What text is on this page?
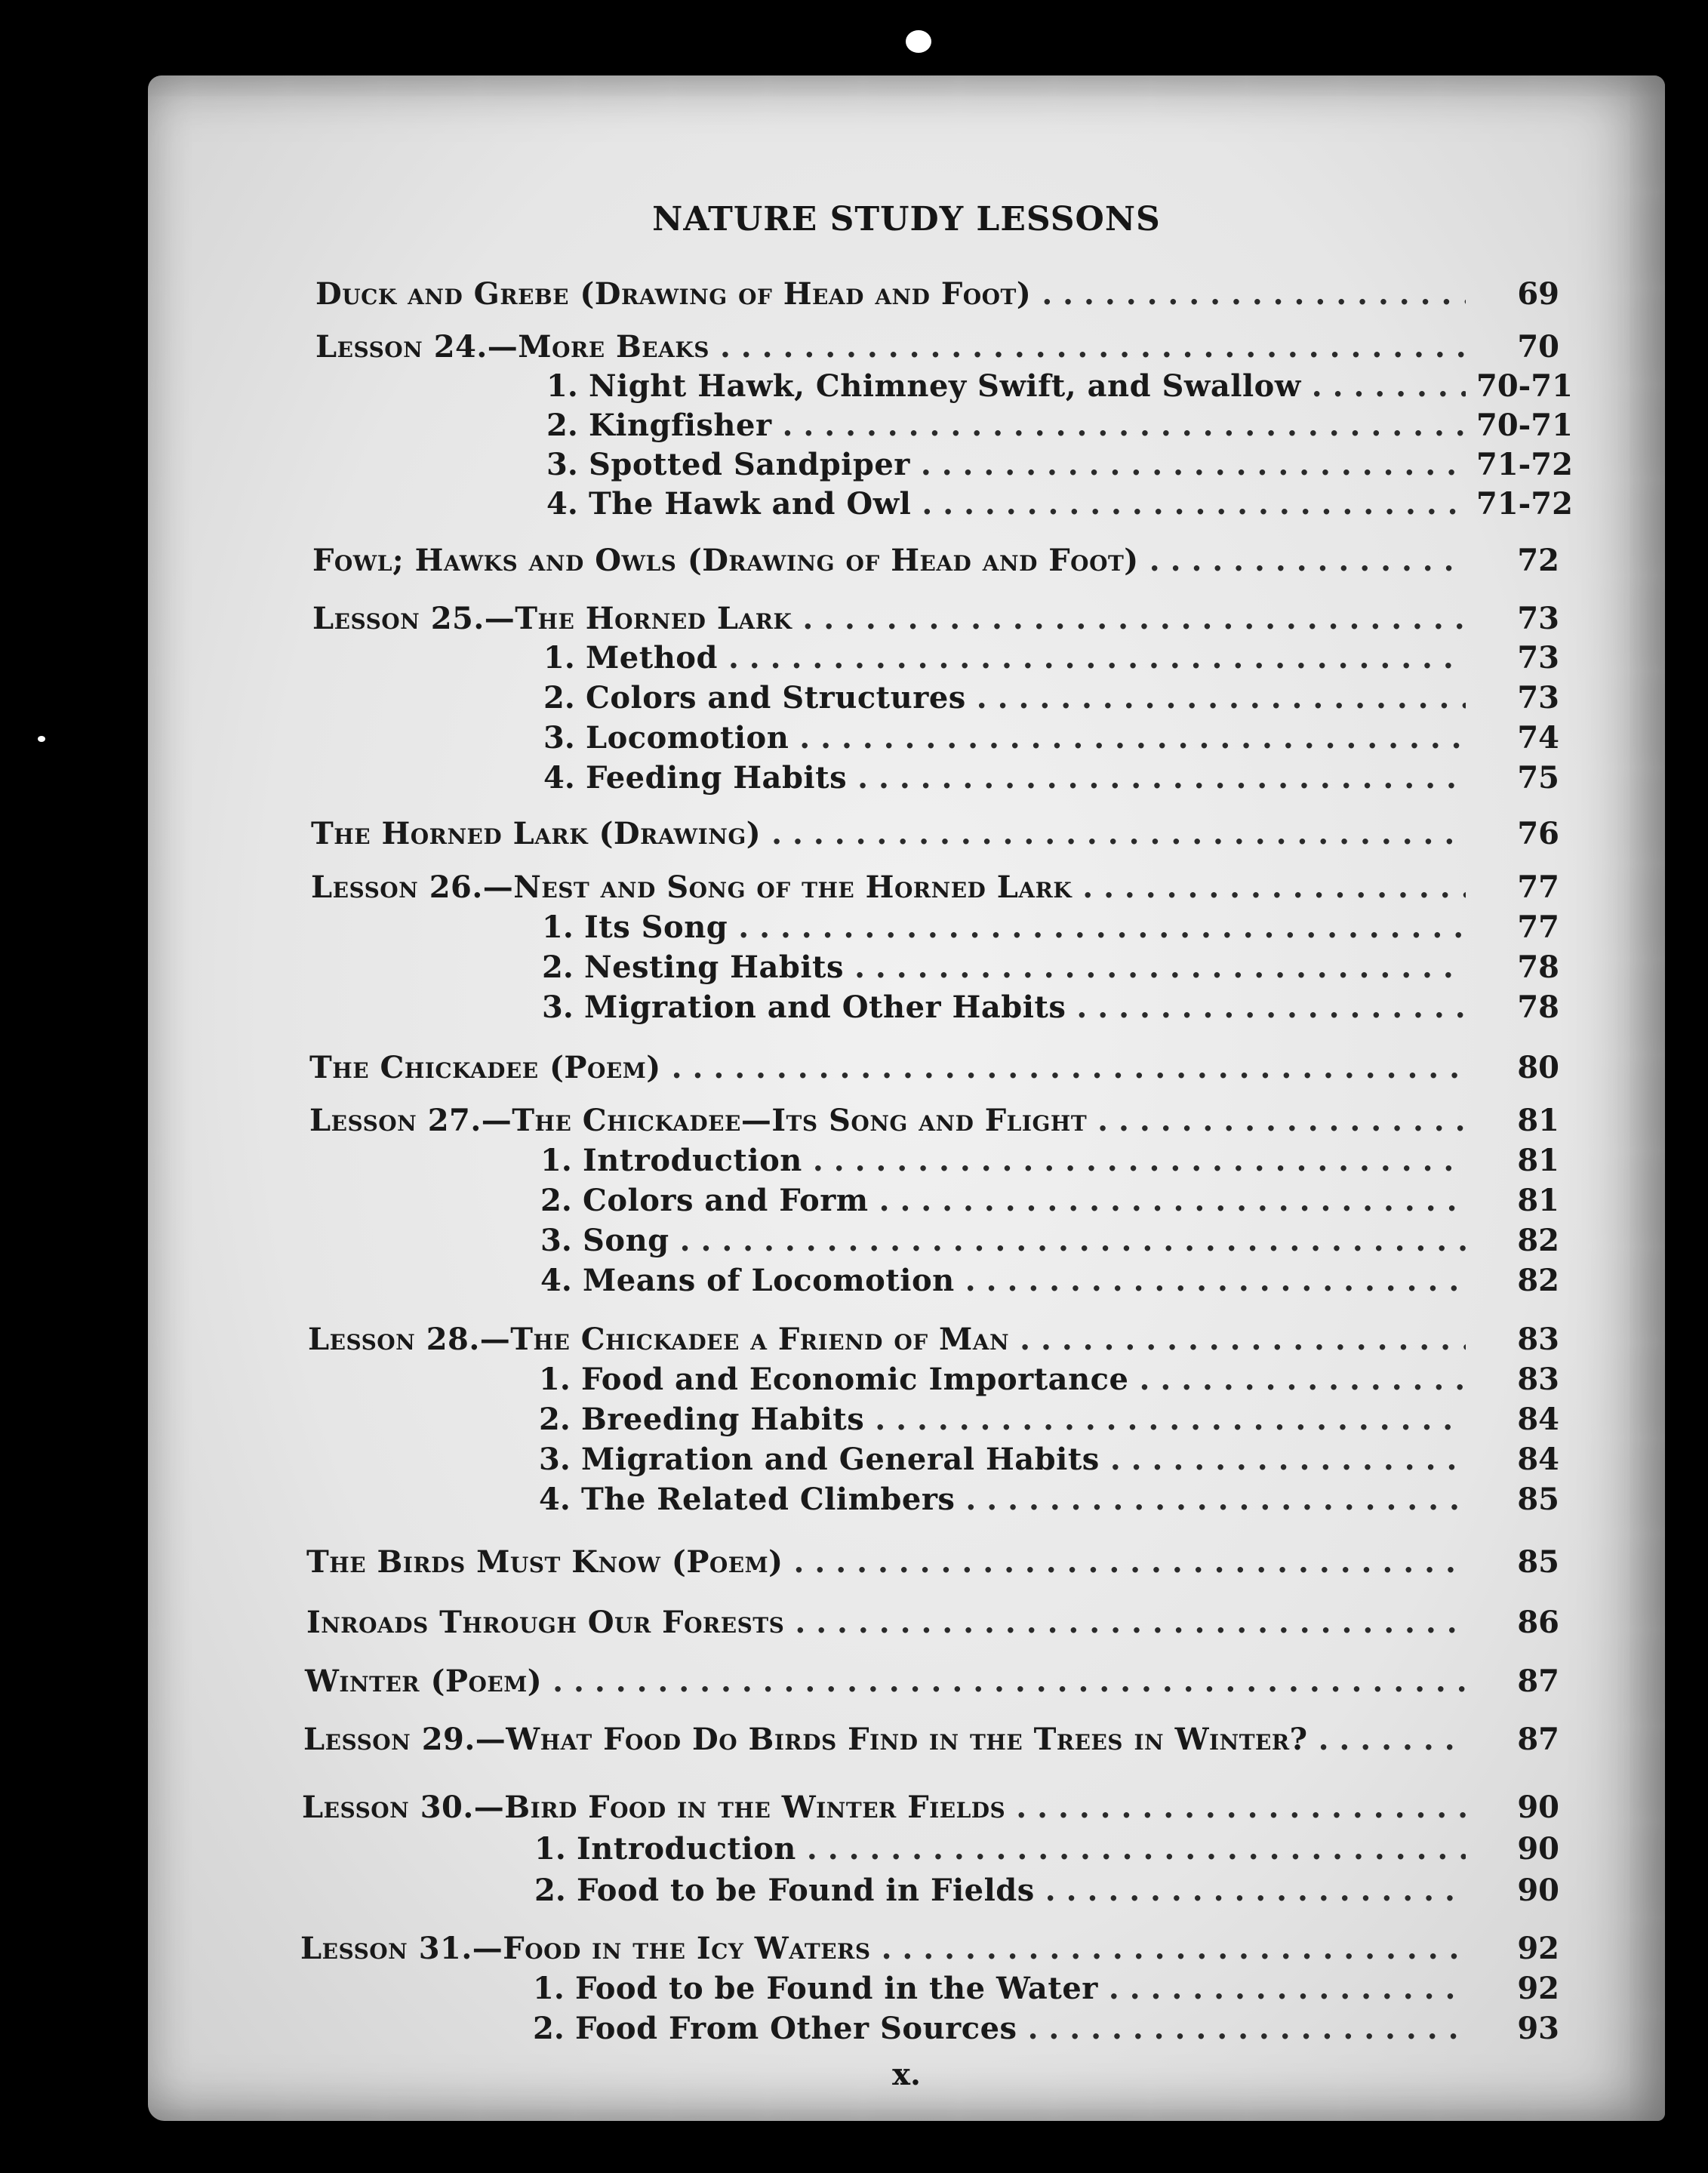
NATURE STUDY LESSONS
Duck and Grebe (Drawing of Head and Foot) . . .	69
Lesson 24.—More Beaks . . .	70
1. Night Hawk, Chimney Swift, and Swallow . . .	70-71
2. Kingfisher . . .	70-71
3. Spotted Sandpiper . . .	71-72
4. The Hawk and Owl . . .	71-72
Fowl; Hawks and Owls (Drawing of Head and Foot) . . .	72
Lesson 25.—The Horned Lark . . .	73
1. Method . . .	73
2. Colors and Structures . . .	73
3. Locomotion . . .	74
4. Feeding Habits . . .	75
The Horned Lark (Drawing) . . .	76
Lesson 26.—Nest and Song of the Horned Lark . . .	77
1. Its Song . . .	77
2. Nesting Habits . . .	78
3. Migration and Other Habits . . .	78
The Chickadee (Poem) . . .	80
Lesson 27.—The Chickadee—Its Song and Flight . . .	81
1. Introduction . . .	81
2. Colors and Form . . .	81
3. Song . . .	82
4. Means of Locomotion . . .	82
Lesson 28.—The Chickadee a Friend of Man . . .	83
1. Food and Economic Importance . . .	83
2. Breeding Habits . . .	84
3. Migration and General Habits . . .	84
4. The Related Climbers . . .	85
The Birds Must Know (Poem) . . .	85
Inroads Through Our Forests . . .	86
Winter (Poem) . . .	87
Lesson 29.—What Food Do Birds Find in the Trees in Winter? . . .	87
Lesson 30.—Bird Food in the Winter Fields . . .	90
1. Introduction . . .	90
2. Food to be Found in Fields . . .	90
Lesson 31.—Food in the Icy Waters . . .	92
1. Food to be Found in the Water . . .	92
2. Food From Other Sources . . .	93
x.
